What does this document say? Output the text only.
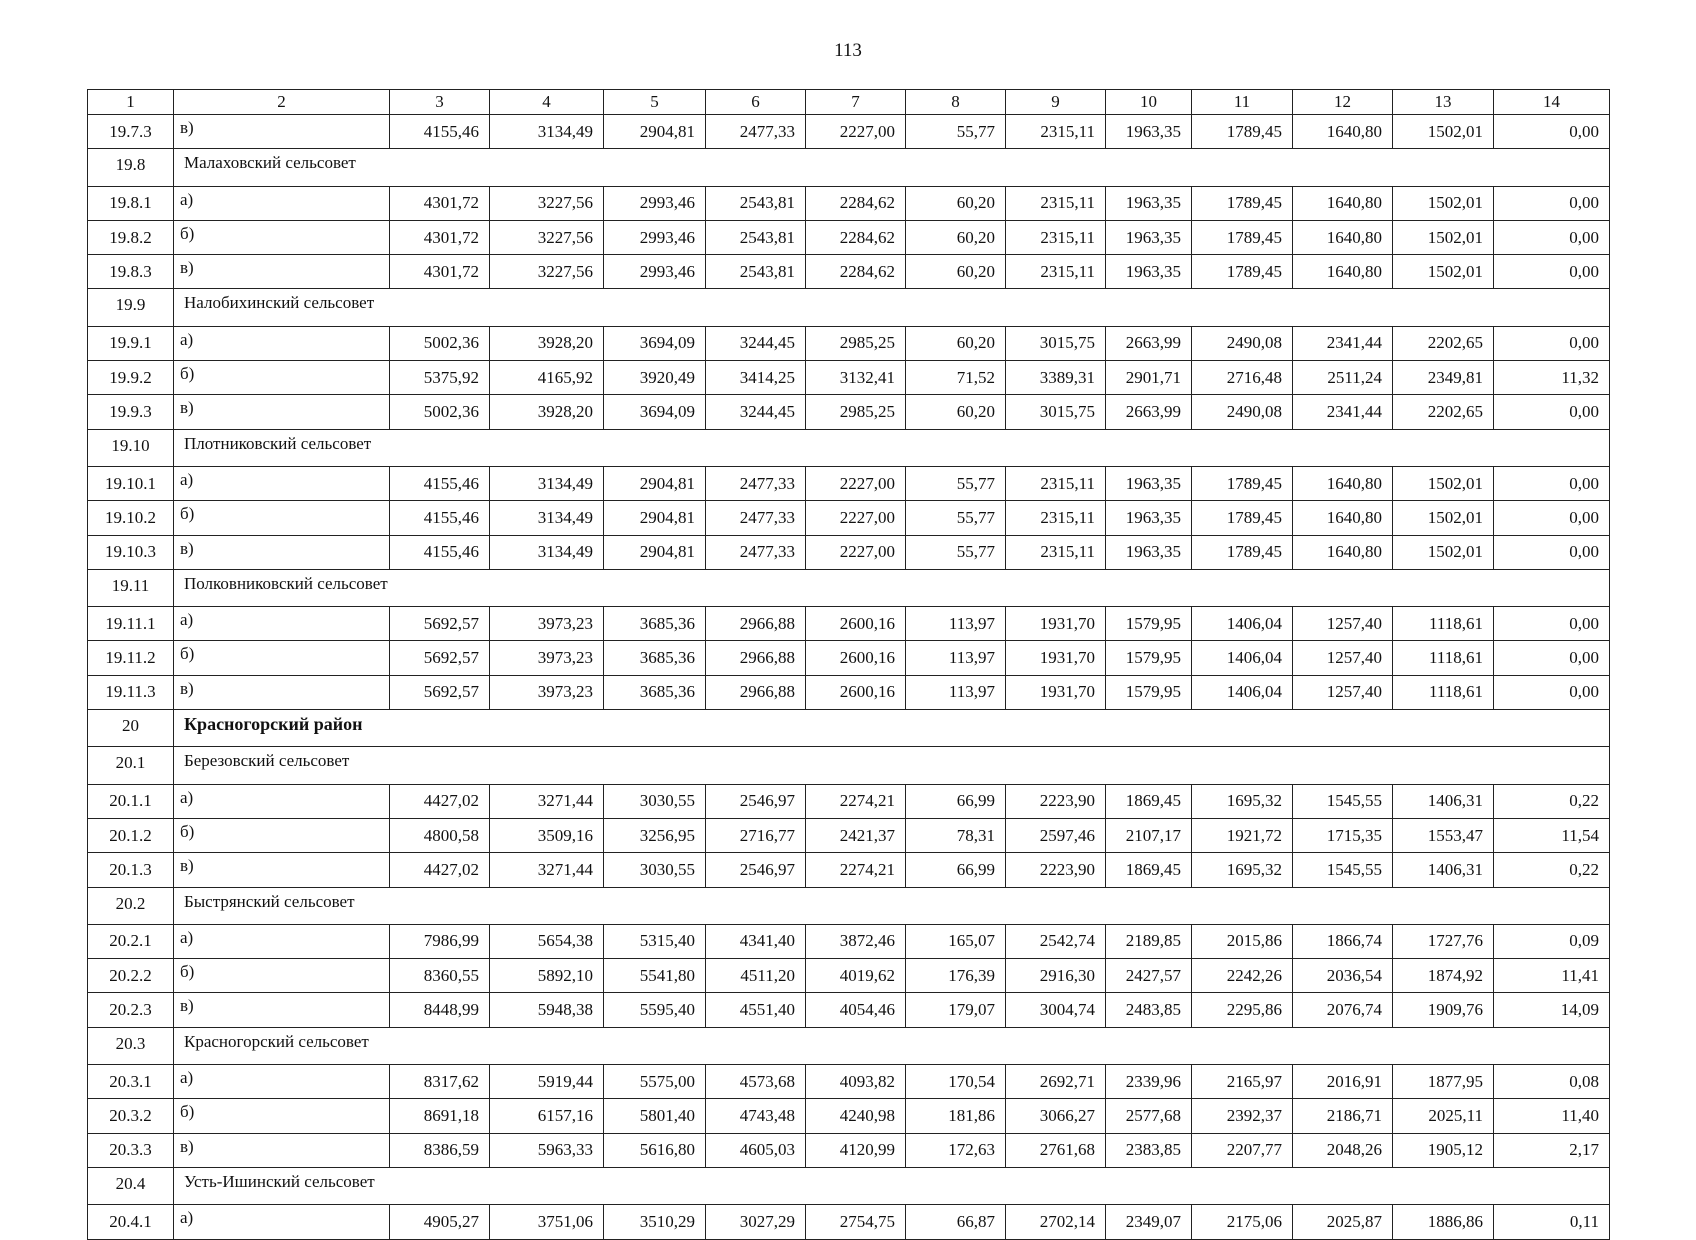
113
1	2	3	4	5	6	7	8	9	10	11	12	13	14
19.7.3	в)	4155,46	3134,49	2904,81	2477,33	2227,00	55,77	2315,11	1963,35	1789,45	1640,80	1502,01	0,00
19.8	Малаховский сельсовет												
19.8.1	а)	4301,72	3227,56	2993,46	2543,81	2284,62	60,20	2315,11	1963,35	1789,45	1640,80	1502,01	0,00
19.8.2	б)	4301,72	3227,56	2993,46	2543,81	2284,62	60,20	2315,11	1963,35	1789,45	1640,80	1502,01	0,00
19.8.3	в)	4301,72	3227,56	2993,46	2543,81	2284,62	60,20	2315,11	1963,35	1789,45	1640,80	1502,01	0,00
19.9	Налобихинский сельсовет												
19.9.1	а)	5002,36	3928,20	3694,09	3244,45	2985,25	60,20	3015,75	2663,99	2490,08	2341,44	2202,65	0,00
19.9.2	б)	5375,92	4165,92	3920,49	3414,25	3132,41	71,52	3389,31	2901,71	2716,48	2511,24	2349,81	11,32
19.9.3	в)	5002,36	3928,20	3694,09	3244,45	2985,25	60,20	3015,75	2663,99	2490,08	2341,44	2202,65	0,00
19.10	Плотниковский сельсовет												
19.10.1	а)	4155,46	3134,49	2904,81	2477,33	2227,00	55,77	2315,11	1963,35	1789,45	1640,80	1502,01	0,00
19.10.2	б)	4155,46	3134,49	2904,81	2477,33	2227,00	55,77	2315,11	1963,35	1789,45	1640,80	1502,01	0,00
19.10.3	в)	4155,46	3134,49	2904,81	2477,33	2227,00	55,77	2315,11	1963,35	1789,45	1640,80	1502,01	0,00
19.11	Полковниковский сельсовет												
19.11.1	а)	5692,57	3973,23	3685,36	2966,88	2600,16	113,97	1931,70	1579,95	1406,04	1257,40	1118,61	0,00
19.11.2	б)	5692,57	3973,23	3685,36	2966,88	2600,16	113,97	1931,70	1579,95	1406,04	1257,40	1118,61	0,00
19.11.3	в)	5692,57	3973,23	3685,36	2966,88	2600,16	113,97	1931,70	1579,95	1406,04	1257,40	1118,61	0,00
20	Красногорский район												
20.1	Березовский сельсовет												
20.1.1	а)	4427,02	3271,44	3030,55	2546,97	2274,21	66,99	2223,90	1869,45	1695,32	1545,55	1406,31	0,22
20.1.2	б)	4800,58	3509,16	3256,95	2716,77	2421,37	78,31	2597,46	2107,17	1921,72	1715,35	1553,47	11,54
20.1.3	в)	4427,02	3271,44	3030,55	2546,97	2274,21	66,99	2223,90	1869,45	1695,32	1545,55	1406,31	0,22
20.2	Быстрянский сельсовет												
20.2.1	а)	7986,99	5654,38	5315,40	4341,40	3872,46	165,07	2542,74	2189,85	2015,86	1866,74	1727,76	0,09
20.2.2	б)	8360,55	5892,10	5541,80	4511,20	4019,62	176,39	2916,30	2427,57	2242,26	2036,54	1874,92	11,41
20.2.3	в)	8448,99	5948,38	5595,40	4551,40	4054,46	179,07	3004,74	2483,85	2295,86	2076,74	1909,76	14,09
20.3	Красногорский сельсовет												
20.3.1	а)	8317,62	5919,44	5575,00	4573,68	4093,82	170,54	2692,71	2339,96	2165,97	2016,91	1877,95	0,08
20.3.2	б)	8691,18	6157,16	5801,40	4743,48	4240,98	181,86	3066,27	2577,68	2392,37	2186,71	2025,11	11,40
20.3.3	в)	8386,59	5963,33	5616,80	4605,03	4120,99	172,63	2761,68	2383,85	2207,77	2048,26	1905,12	2,17
20.4	Усть-Ишинский сельсовет												
20.4.1	а)	4905,27	3751,06	3510,29	3027,29	2754,75	66,87	2702,14	2349,07	2175,06	2025,87	1886,86	0,11
